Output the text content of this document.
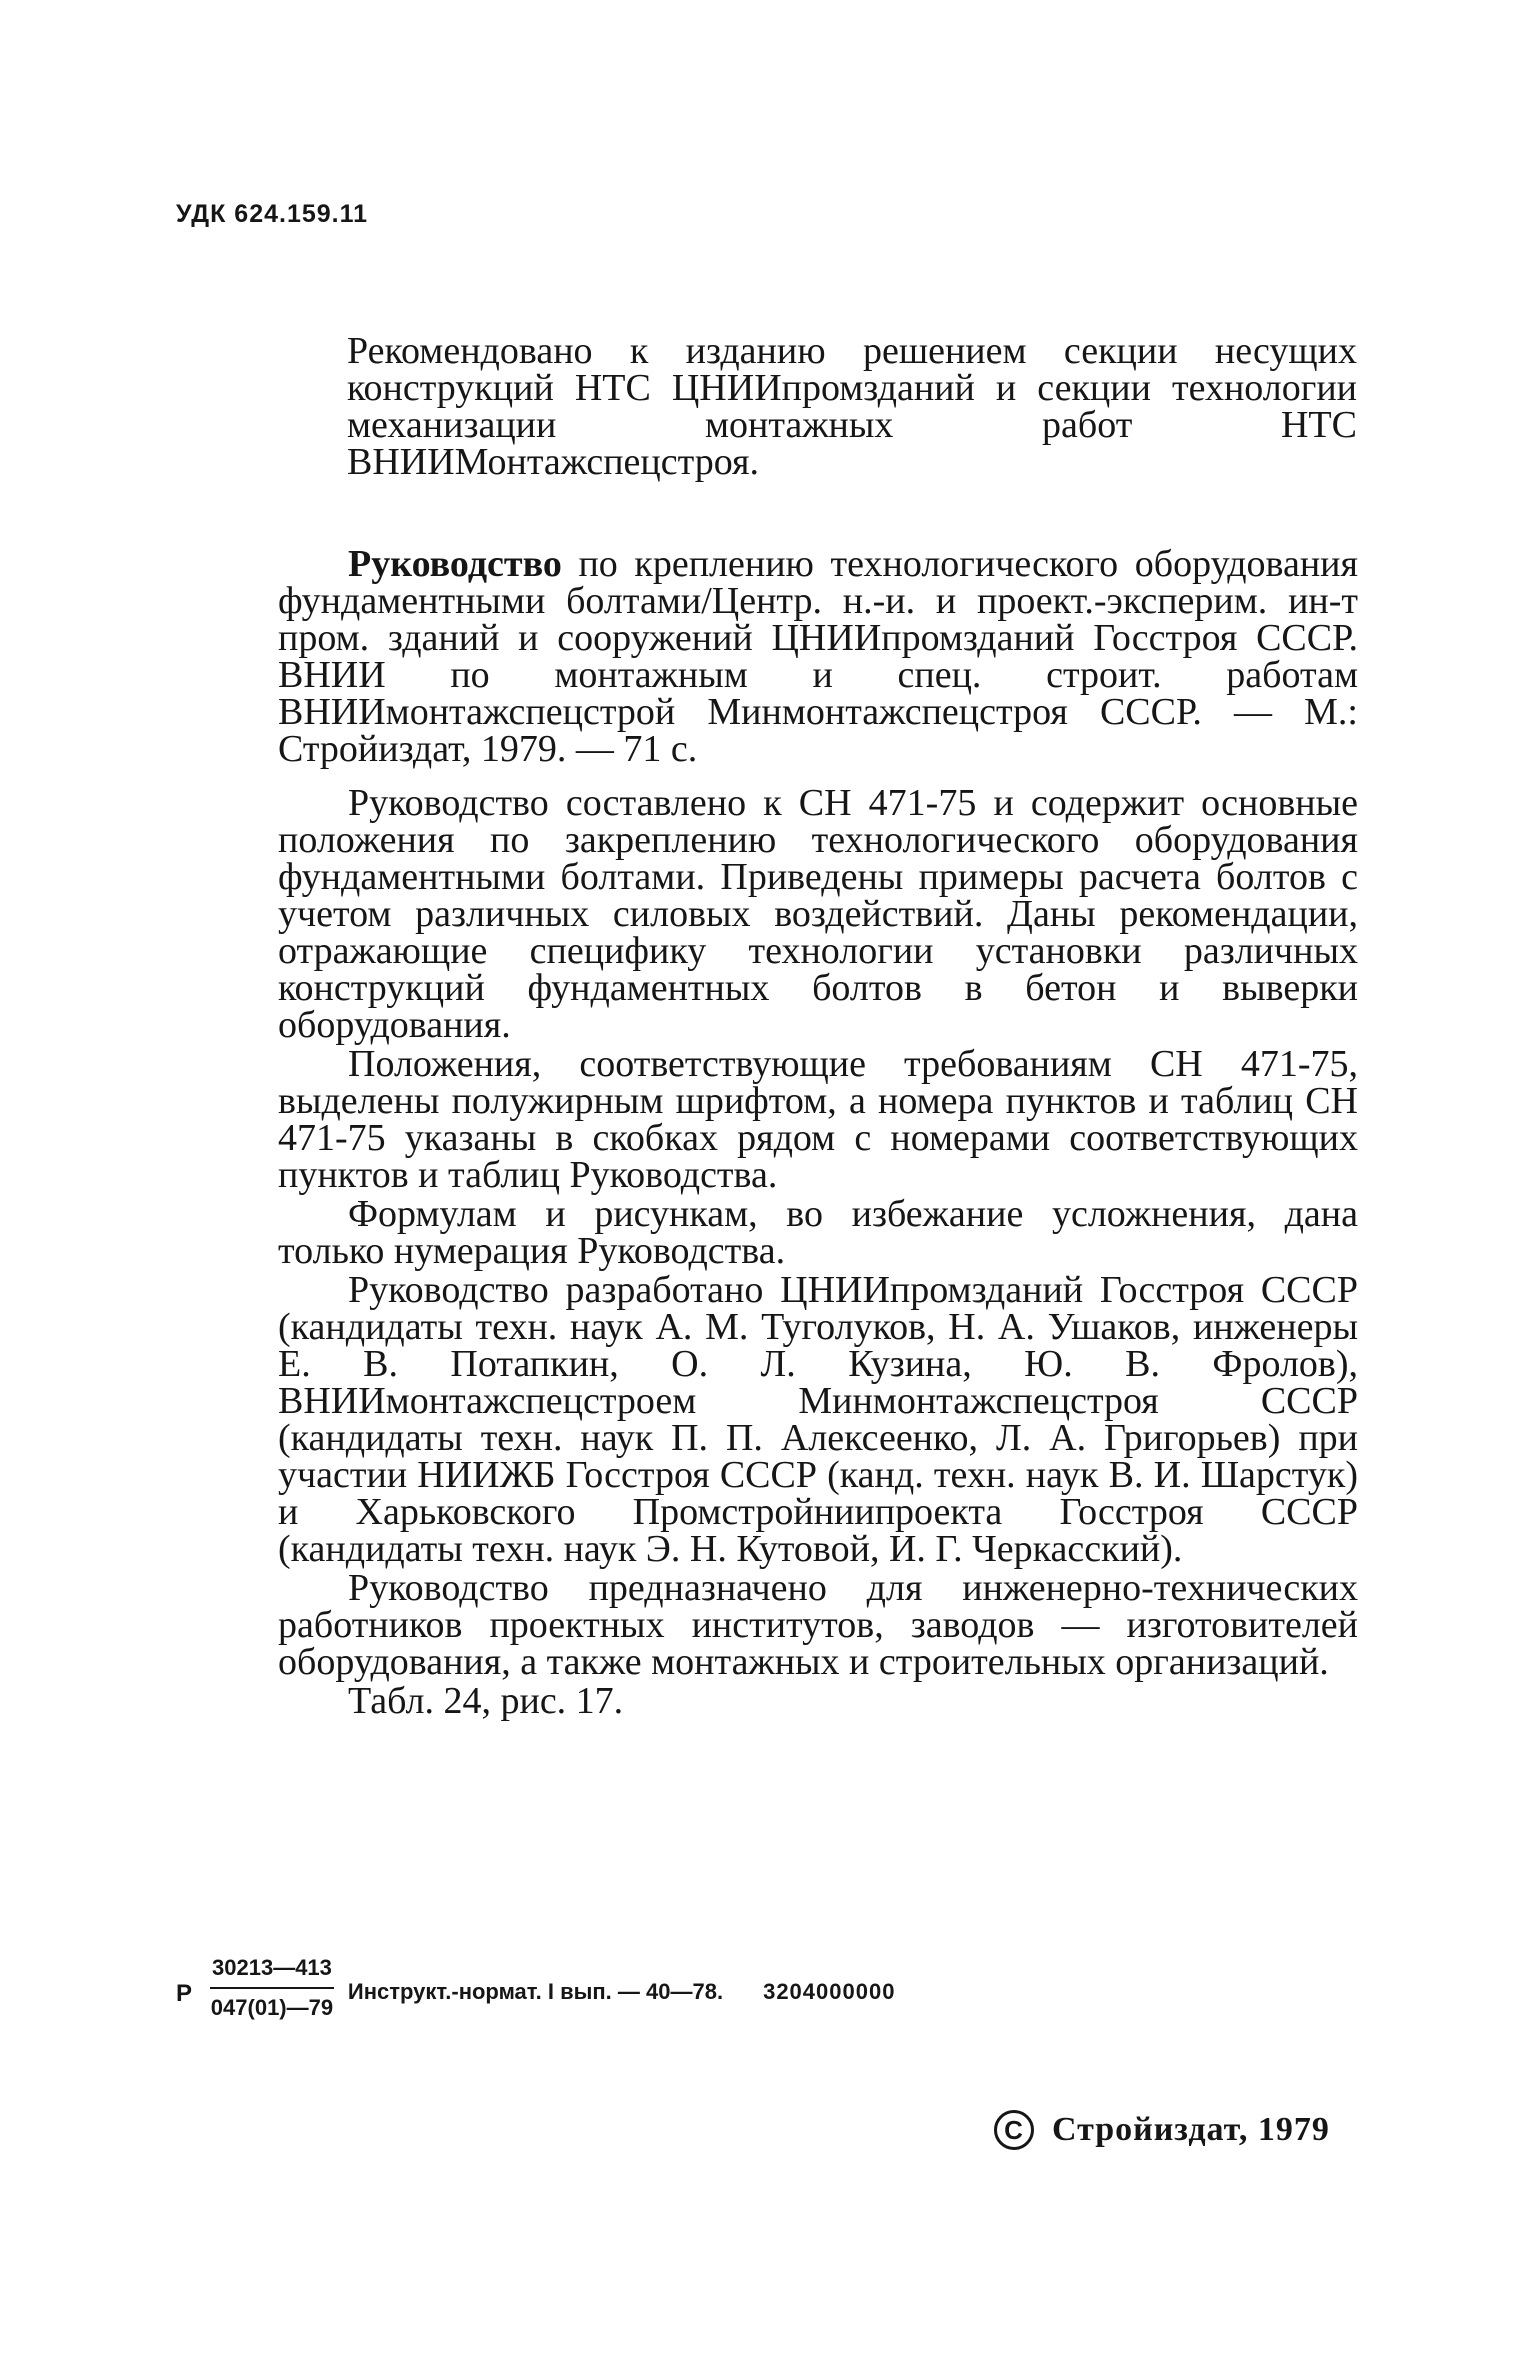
УДК 624.159.11

Рекомендовано к изданию решением секции несущих конструкций НТС ЦНИИпромзданий и секции технологии механизации монтажных работ НТС ВНИИМонтажспецстроя.

Руководство по креплению технологического оборудования фундаментными болтами/Центр. н.-и. и проект.-эксперим. ин-т пром. зданий и сооружений ЦНИИпромзданий Госстроя СССР. ВНИИ по монтажным и спец. строит. работам ВНИИмонтажспецстрой Минмонтажспецстроя СССР. — М.: Стройиздат, 1979. — 71 с.

Руководство составлено к СН 471-75 и содержит основные положения по закреплению технологического оборудования фундаментными болтами. Приведены примеры расчета болтов с учетом различных силовых воздействий. Даны рекомендации, отражающие специфику технологии установки различных конструкций фундаментных болтов в бетон и выверки оборудования.

Положения, соответствующие требованиям СН 471-75, выделены полужирным шрифтом, а номера пунктов и таблиц СН 471-75 указаны в скобках рядом с номерами соответствующих пунктов и таблиц Руководства.

Формулам и рисункам, во избежание усложнения, дана только нумерация Руководства.

Руководство разработано ЦНИИпромзданий Госстроя СССР (кандидаты техн. наук А. М. Туголуков, Н. А. Ушаков, инженеры Е. В. Потапкин, О. Л. Кузина, Ю. В. Фролов), ВНИИмонтажспецстроем Минмонтажспецстроя СССР (кандидаты техн. наук П. П. Алексеенко, Л. А. Григорьев) при участии НИИЖБ Госстроя СССР (канд. техн. наук В. И. Шарстук) и Харьковского Промстройниипроекта Госстроя СССР (кандидаты техн. наук Э. Н. Кутовой, И. Г. Черкасский).

Руководство предназначено для инженерно-технических работников проектных институтов, заводов — изготовителей оборудования, а также монтажных и строительных организаций.

Табл. 24, рис. 17.

Р $\frac{30213—413}{047(01)—79}$ Инструкт.-нормат. I вып. — 40—78. 3204000000
C Стройиздат, 1979
